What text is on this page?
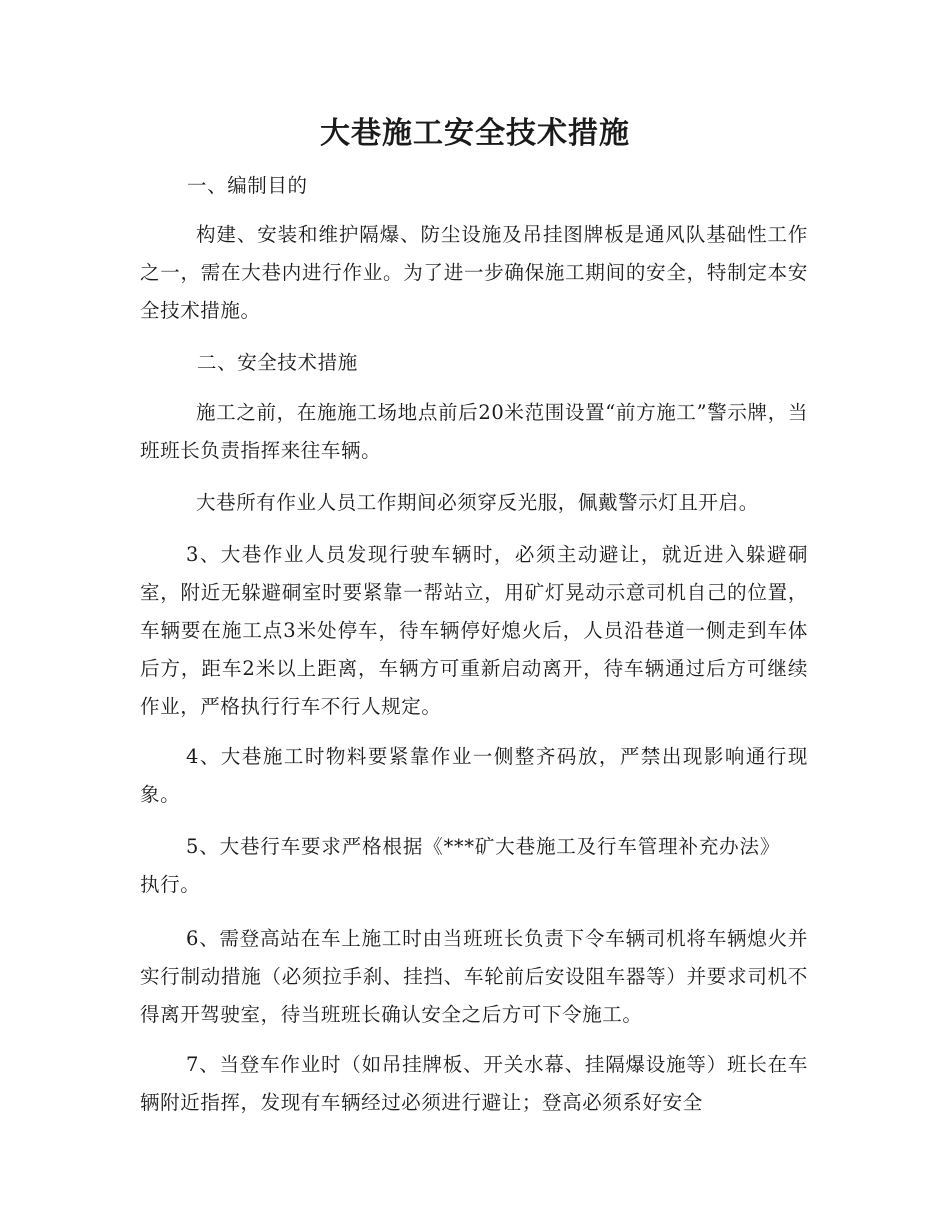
大巷施工安全技术措施

一、编制目的

构建、安装和维护隔爆、防尘设施及吊挂图牌板是通风队基础性工作之一，需在大巷内进行作业。为了进一步确保施工期间的安全，特制定本安全技术措施。

二、安全技术措施

施工之前，在施施工场地点前后20米范围设置“前方施工”警示牌，当班班长负责指挥来往车辆。

大巷所有作业人员工作期间必须穿反光服，佩戴警示灯且开启。

3、大巷作业人员发现行驶车辆时，必须主动避让，就近进入躲避硐室，附近无躲避硐室时要紧靠一帮站立，用矿灯晃动示意司机自己的位置，车辆要在施工点3米处停车，待车辆停好熄火后，人员沿巷道一侧走到车体后方，距车2米以上距离，车辆方可重新启动离开，待车辆通过后方可继续作业，严格执行行车不行人规定。

4、大巷施工时物料要紧靠作业一侧整齐码放，严禁出现影响通行现象。

5、大巷行车要求严格根据《***矿大巷施工及行车管理补充办法》执行。

6、需登高站在车上施工时由当班班长负责下令车辆司机将车辆熄火并实行制动措施（必须拉手刹、挂挡、车轮前后安设阻车器等）并要求司机不得离开驾驶室，待当班班长确认安全之后方可下令施工。

7、当登车作业时（如吊挂牌板、开关水幕、挂隔爆设施等）班长在车辆附近指挥，发现有车辆经过必须进行避让；登高必须系好安全
